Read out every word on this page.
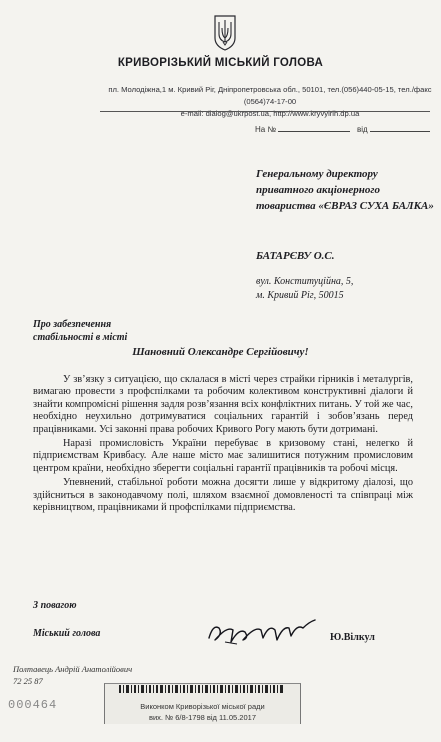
КРИВОРІЗЬКИЙ МІСЬКИЙ ГОЛОВА
пл. Молодіжна,1 м. Кривий Ріг, Дніпропетровська обл., 50101, тел.(056)440-05-15, тел./факс (0564)74-17-00
e-mail: dialog@ukrpost.ua, http://www.kryvyirih.dp.ua
На №	від
Генеральному директору приватного акціонерного товариства «ЄВРАЗ СУХА БАЛКА»
БАТАРЄВУ О.С.
вул. Конституційна, 5,
м. Кривий Ріг, 50015
Про забезпечення стабільності в місті
Шановний Олександре Сергійовичу!

У зв’язку з ситуацією, що склалася в місті через страйки гірників і металургів, вимагаю провести з профспілками та робочим колективом конструктивні діалоги й знайти компромісні рішення задля розв’язання всіх конфліктних питань. У той же час, необхідно неухильно дотримуватися соціальних гарантій і зобов’язань перед працівниками. Усі законні права робочих Кривого Рогу мають бути дотримані.

Наразі промисловість України перебуває в кризовому стані, нелегко й підприємствам Кривбасу. Але наше місто має залишитися потужним промисловим центром країни, необхідно зберегти соціальні гарантії працівників та робочі місця.

Упевнений, стабільної роботи можна досягти лише у відкритому діалозі, що здійсниться в законодавчому полі, шляхом взаємної домовленості та співпраці між керівництвом, працівниками й профспілками підприємства.

З повагою
Міський голова	Ю.Вілкул
Полтавець Андрій Анатолійович
72 25 87
000464	Виконком Криворізької міської ради
вих. № 6/8-1798 від 11.05.2017
